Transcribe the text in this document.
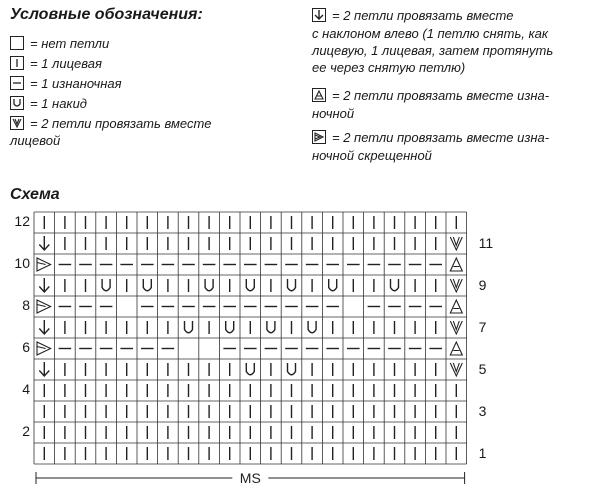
Условные обозначения:
= нет петли
= 1 лицевая
= 1 изнаночная
= 1 накид
= 2 петли провязать вместе
лицевой
= 2 петли провязать вместе
с наклоном влево (1 петлю снять, как
лицевую, 1 лицевая, затем протянуть
ее через снятую петлю)
= 2 петли провязать вместе изна-
ночной
= 2 петли провязать вместе изна-
ночной скрещенной
Схема
12
10
8
6
4
2
11
9
7
5
3
1
MS
